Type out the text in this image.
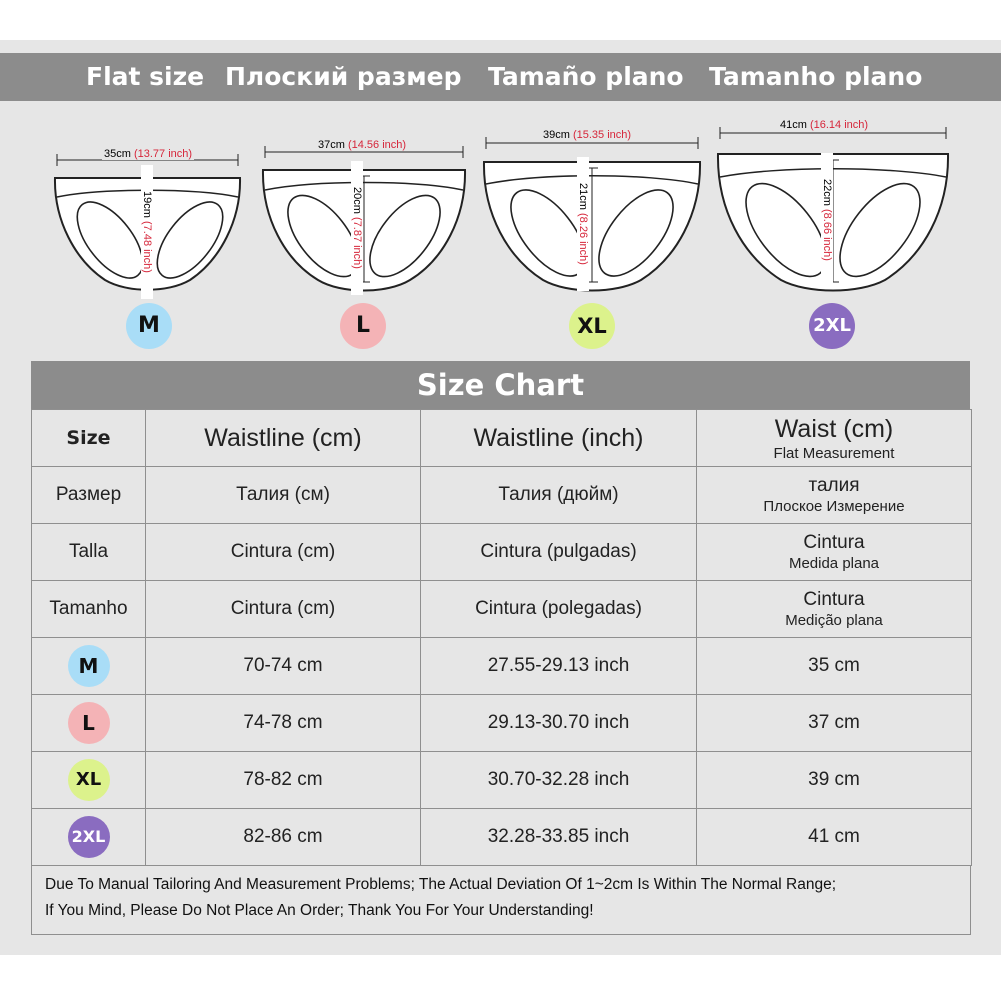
Flat size Плоский размер Tamaño plano Tamanho plano
35cm (13.77 inch)
19cm (7.48 inch)
M
37cm (14.56 inch)
20cm (7.87 inch)
L
39cm (15.35 inch)
21cm (8.26 inch)
XL
41cm (16.14 inch)
22cm (8.66 inch)
2XL
Size Chart
Size	Waistline (cm)	Waistline (inch)	Waist (cm)
Flat Measurement

Размер	Талия (см)	Талия (дюйм)	талия
Плоское Измерение

Talla	Cintura (cm)	Cintura (pulgadas)	Cintura
Medida plana

Tamanho	Cintura (cm)	Cintura (polegadas)	Cintura
Medição plana

M	70-74 cm	27.55-29.13 inch	35 cm
L	74-78 cm	29.13-30.70 inch	37 cm
XL	78-82 cm	30.70-32.28 inch	39 cm
2XL	82-86 cm	32.28-33.85 inch	41 cm
Due To Manual Tailoring And Measurement Problems; The Actual Deviation Of 1~2cm Is Within The Normal Range;
If You Mind, Please Do Not Place An Order; Thank You For Your Understanding!
